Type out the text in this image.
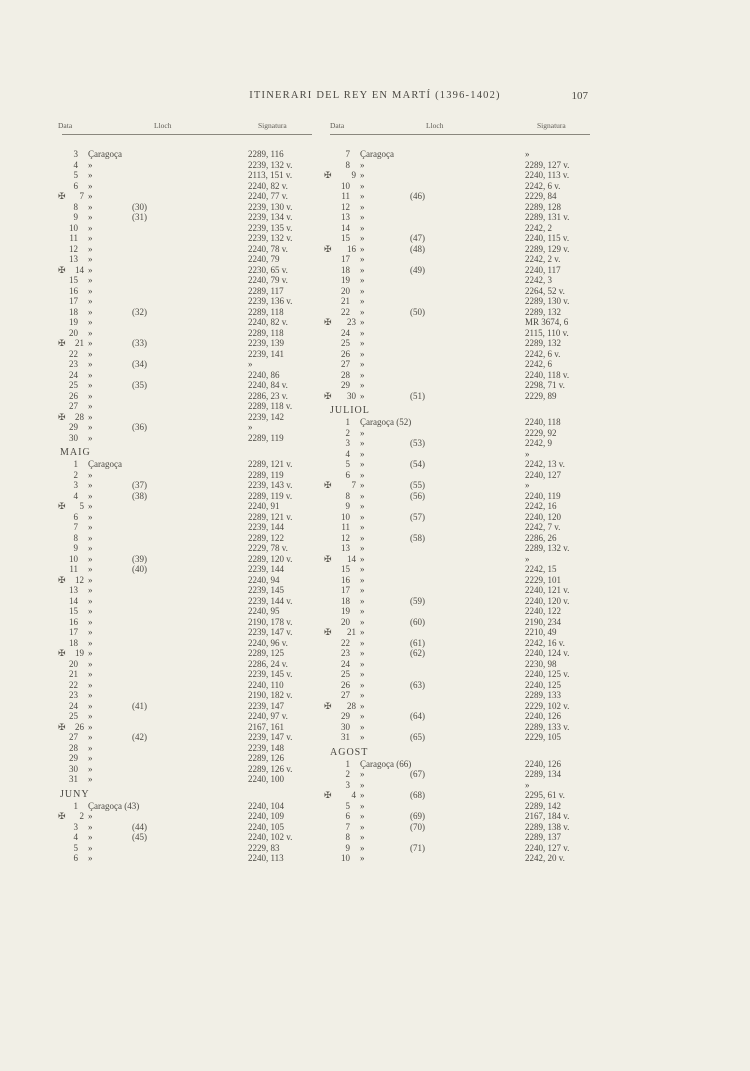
ITINERARI DEL REY EN MARTÍ (1396-1402)	107
Data	Lloch	Signatura
3 Çaragoça	2289, 116
4 »	2239, 132 v.
5 »	2113, 151 v.
6 »	2240, 82 v.
✠	7 »	2240, 77 v.
8 »	(30)	2239, 130 v.
9 »	(31)	2239, 134 v.
10 »	2239, 135 v.
11 »	2239, 132 v.
12 »	2240, 78 v.
13 »	2240, 79
✠	14 »	2230, 65 v.
15 »	2240, 79 v.
16 »	2289, 117
17 »	2239, 136 v.
18 »	(32)	2289, 118
19 »	2240, 82 v.
20 »	2289, 118
✠	21 »	(33)	2239, 139
22 »	2239, 141
23 »	(34)	»
24 »	2240, 86
25 »	(35)	2240, 84 v.
26 »	2286, 23 v.
27 »	2289, 118 v.
✠	28 »	2239, 142
29 »	(36)	»
30 »	2289, 119
MAIG
1 Çaragoça	2289, 121 v.
2 »	2289, 119
3 »	(37)	2239, 143 v.
4 »	(38)	2289, 119 v.
✠	5 »	2240, 91
6 »	2289, 121 v.
7 »	2239, 144
8 »	2289, 122
9 »	2229, 78 v.
10 »	(39)	2289, 120 v.
11 »	(40)	2239, 144
✠	12 »	2240, 94
13 »	2239, 145
14 »	2239, 144 v.
15 »	2240, 95
16 »	2190, 178 v.
17 »	2239, 147 v.
18 »	2240, 96 v.
✠	19 »	2289, 125
20 »	2286, 24 v.
21 »	2239, 145 v.
22 »	2240, 110
23 »	2190, 182 v.
24 »	(41)	2239, 147
25 »	2240, 97 v.
✠	26 »	2167, 161
27 »	(42)	2239, 147 v.
28 »	2239, 148
29 »	2289, 126
30 »	2289, 126 v.
31 »	2240, 100
JUNY
1 Çaragoça (43)	2240, 104
✠	2 »	2240, 109
3 »	(44)	2240, 105
4 »	(45)	2240, 102 v.
5 »	2229, 83
6 »	2240, 113
Data	Lloch	Signatura
7 Çaragoça	»
8 »	2289, 127 v.
✠	9 »	2240, 113 v.
10 »	2242, 6 v.
11 »	(46)	2229, 84
12 »	2289, 128
13 »	2289, 131 v.
14 »	2242, 2
15 »	(47)	2240, 115 v.
✠	16 »	(48)	2289, 129 v.
17 »	2242, 2 v.
18 »	(49)	2240, 117
19 »	2242, 3
20 »	2264, 52 v.
21 »	2289, 130 v.
22 »	(50)	2289, 132
✠	23 »	MR 3674, 6
24 »	2115, 110 v.
25 »	2289, 132
26 »	2242, 6 v.
27 »	2242, 6
28 »	2240, 118 v.
29 »	2298, 71 v.
✠	30 »	(51)	2229, 89
JULIOL
1 Çaragoça (52)	2240, 118
2 »	2229, 92
3 »	(53)	2242, 9
4 »	»
5 »	(54)	2242, 13 v.
6 »	2240, 127
✠	7 »	(55)	»
8 »	(56)	2240, 119
9 »	2242, 16
10 »	(57)	2240, 120
11 »	2242, 7 v.
12 »	(58)	2286, 26
13 »	2289, 132 v.
✠	14 »	»
15 »	2242, 15
16 »	2229, 101
17 »	2240, 121 v.
18 »	(59)	2240, 120 v.
19 »	2240, 122
20 »	(60)	2190, 234
✠	21 »	2210, 49
22 »	(61)	2242, 16 v.
23 »	(62)	2240, 124 v.
24 »	2230, 98
25 »	2240, 125 v.
26 »	(63)	2240, 125
27 »	2289, 133
✠	28 »	2229, 102 v.
29 »	(64)	2240, 126
30 »	2289, 133 v.
31 »	(65)	2229, 105
AGOST
1 Çaragoça (66)	2240, 126
2 »	(67)	2289, 134
3 »	»
✠	4 »	(68)	2295, 61 v.
5 »	2289, 142
6 »	(69)	2167, 184 v.
7 »	(70)	2289, 138 v.
8 »	2289, 137
9 »	(71)	2240, 127 v.
10 »	2242, 20 v.
